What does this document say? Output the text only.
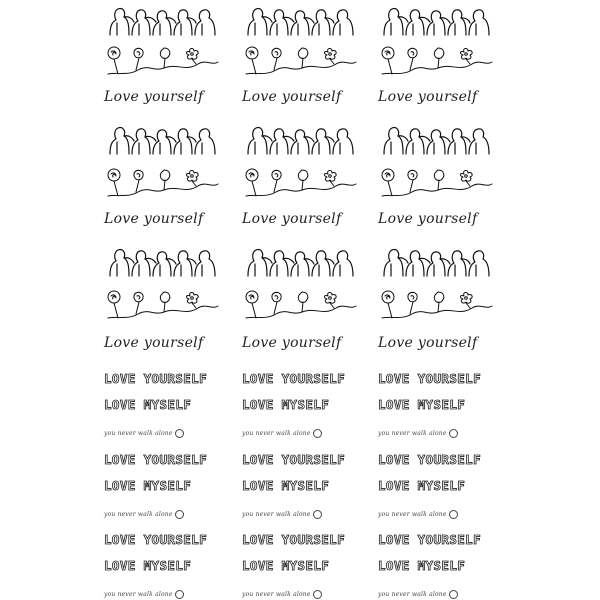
Love yourself
Love yourself
Love yourself
LOVE YOURSELF
LOVE MYSELF
you never walk alone
LOVE YOURSELF
LOVE MYSELF
you never walk alone
LOVE YOURSELF
LOVE MYSELF
you never walk alone
Love yourself
Love yourself
Love yourself
LOVE YOURSELF
LOVE MYSELF
you never walk alone
LOVE YOURSELF
LOVE MYSELF
you never walk alone
LOVE YOURSELF
LOVE MYSELF
you never walk alone
Love yourself
Love yourself
Love yourself
LOVE YOURSELF
LOVE MYSELF
you never walk alone
LOVE YOURSELF
LOVE MYSELF
you never walk alone
LOVE YOURSELF
LOVE MYSELF
you never walk alone
